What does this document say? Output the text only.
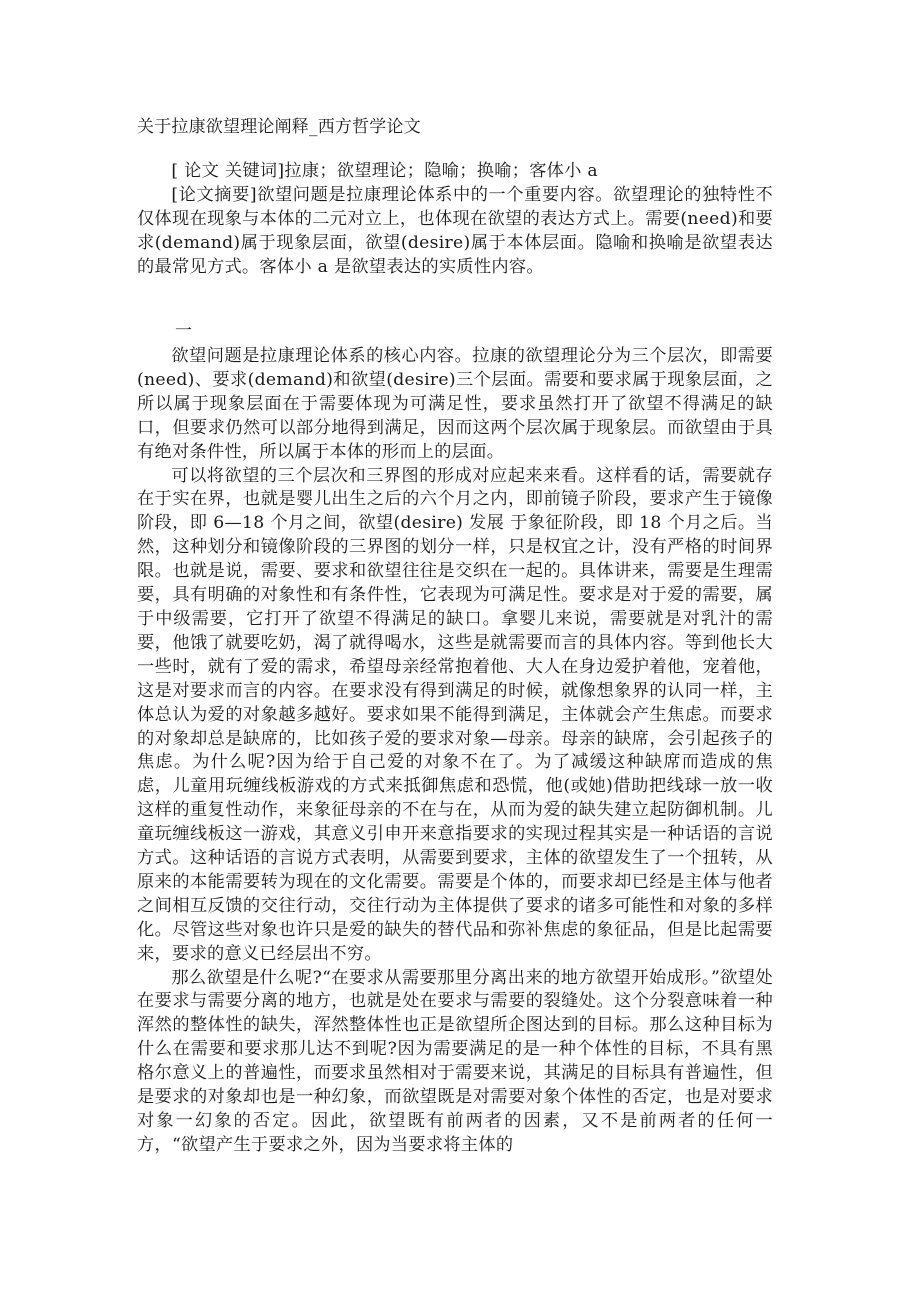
关于拉康欲望理论阐释_西方哲学论文

[ 论文 关键词]拉康；欲望理论；隐喻；换喻；客体小 a

[论文摘要]欲望问题是拉康理论体系中的一个重要内容。欲望理论的独特性不仅体现在现象与本体的二元对立上，也体现在欲望的表达方式上。需要(need)和要求(demand)属于现象层面，欲望(desire)属于本体层面。隐喻和换喻是欲望表达的最常见方式。客体小 a 是欲望表达的实质性内容。

一

欲望问题是拉康理论体系的核心内容。拉康的欲望理论分为三个层次，即需要(need)、要求(demand)和欲望(desire)三个层面。需要和要求属于现象层面，之所以属于现象层面在于需要体现为可满足性，要求虽然打开了欲望不得满足的缺口，但要求仍然可以部分地得到满足，因而这两个层次属于现象层。而欲望由于具有绝对条件性，所以属于本体的形而上的层面。

可以将欲望的三个层次和三界图的形成对应起来来看。这样看的话，需要就存在于实在界，也就是婴儿出生之后的六个月之内，即前镜子阶段，要求产生于镜像阶段，即 6—18 个月之间，欲望(desire) 发展 于象征阶段，即 18 个月之后。当然，这种划分和镜像阶段的三界图的划分一样，只是权宜之计，没有严格的时间界限。也就是说，需要、要求和欲望往往是交织在一起的。具体讲来，需要是生理需要，具有明确的对象性和有条件性，它表现为可满足性。要求是对于爱的需要，属于中级需要，它打开了欲望不得满足的缺口。拿婴儿来说，需要就是对乳汁的需要，他饿了就要吃奶，渴了就得喝水，这些是就需要而言的具体内容。等到他长大一些时，就有了爱的需求，希望母亲经常抱着他、大人在身边爱护着他，宠着他，这是对要求而言的内容。在要求没有得到满足的时候，就像想象界的认同一样，主体总认为爱的对象越多越好。要求如果不能得到满足，主体就会产生焦虑。而要求的对象却总是缺席的，比如孩子爱的要求对象—母亲。母亲的缺席，会引起孩子的焦虑。为什么呢?因为给于自己爱的对象不在了。为了减缓这种缺席而造成的焦虑，儿童用玩缠线板游戏的方式来抵御焦虑和恐慌，他(或她)借助把线球一放一收这样的重复性动作，来象征母亲的不在与在，从而为爱的缺失建立起防御机制。儿童玩缠线板这一游戏，其意义引申开来意指要求的实现过程其实是一种话语的言说方式。这种话语的言说方式表明，从需要到要求，主体的欲望发生了一个扭转，从原来的本能需要转为现在的文化需要。需要是个体的，而要求却已经是主体与他者之间相互反馈的交往行动，交往行动为主体提供了要求的诸多可能性和对象的多样化。尽管这些对象也许只是爱的缺失的替代品和弥补焦虑的象征品，但是比起需要来，要求的意义已经层出不穷。

那么欲望是什么呢?“在要求从需要那里分离出来的地方欲望开始成形。”欲望处在要求与需要分离的地方，也就是处在要求与需要的裂缝处。这个分裂意味着一种浑然的整体性的缺失，浑然整体性也正是欲望所企图达到的目标。那么这种目标为什么在需要和要求那儿达不到呢?因为需要满足的是一种个体性的目标，不具有黑格尔意义上的普遍性，而要求虽然相对于需要来说，其满足的目标具有普遍性，但是要求的对象却也是一种幻象，而欲望既是对需要对象个体性的否定，也是对要求对象一幻象的否定。因此，欲望既有前两者的因素，又不是前两者的任何一方，“欲望产生于要求之外，因为当要求将主体的
